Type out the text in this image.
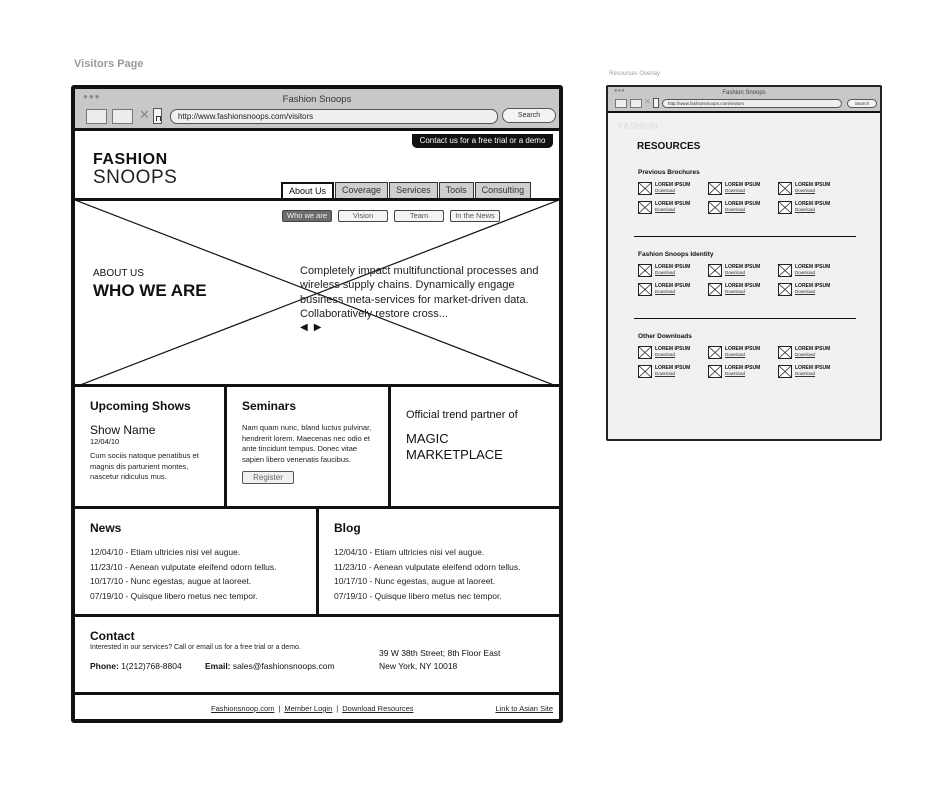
Visitors Page
Resources Overlay
●●●	Fashion Snoops
✕	http://www.fashionsnoops.com/visitors	Search
Contact us for a free trial or a demo
FASHION
SNOOPS
About Us	Coverage	Services	Tools	Consulting
Who we are	Vision	Team	In the News
ABOUT US
WHO WE ARE
Completely impact multifunctional processes and wireless supply chains. Dynamically engage business meta-services for market-driven data. Collaboratively restore cross...
◀▶
Upcoming Shows
Show Name
12/04/10
Cum sociis natoque penatibus et magnis dis parturient montes, nascetur ridiculus mus.
Seminars
Nam quam nunc, bland luctus pulvinar, hendrerit lorem. Maecenas nec odio et ante tincidunt tempus. Donec vitae sapien libero venenatis faucibus.
Register
Official trend partner of
MAGIC
MARKETPLACE
News
12/04/10 - Etiam ultricies nisi vel augue.
11/23/10 - Aenean vulputate eleifend odorn tellus.
10/17/10 - Nunc egestas, augue at laoreet.
07/19/10 - Quisque libero metus nec tempor.
Blog
12/04/10 - Etiam ultricies nisi vel augue.
11/23/10 - Aenean vulputate eleifend odorn tellus.
10/17/10 - Nunc egestas, augue at laoreet.
07/19/10 - Quisque libero metus nec tempor.
Contact
Interested in our services? Call or email us for a free trial or a demo.
Phone: 1(212)768-8804	Email: sales@fashionsnoops.com
39 W 38th Street; 8th Floor East
New York, NY 10018
Fashionsnoop.com | Member Login | Download Resources	Link to Asian Site
●●●	Fashion Snoops
✕	http://www.fashionsnoops.com/visitors	Search
FASHION
RESOURCES
Previous Brochures
LOREM IPSUM
Download
LOREM IPSUM
Download
LOREM IPSUM
Download
LOREM IPSUM
Download
LOREM IPSUM
Download
LOREM IPSUM
Download
Fashion Snoops Identity
LOREM IPSUM
Download
LOREM IPSUM
Download
LOREM IPSUM
Download
LOREM IPSUM
Download
LOREM IPSUM
Download
LOREM IPSUM
Download
Other Downloads
LOREM IPSUM
Download
LOREM IPSUM
Download
LOREM IPSUM
Download
LOREM IPSUM
Download
LOREM IPSUM
Download
LOREM IPSUM
Download
